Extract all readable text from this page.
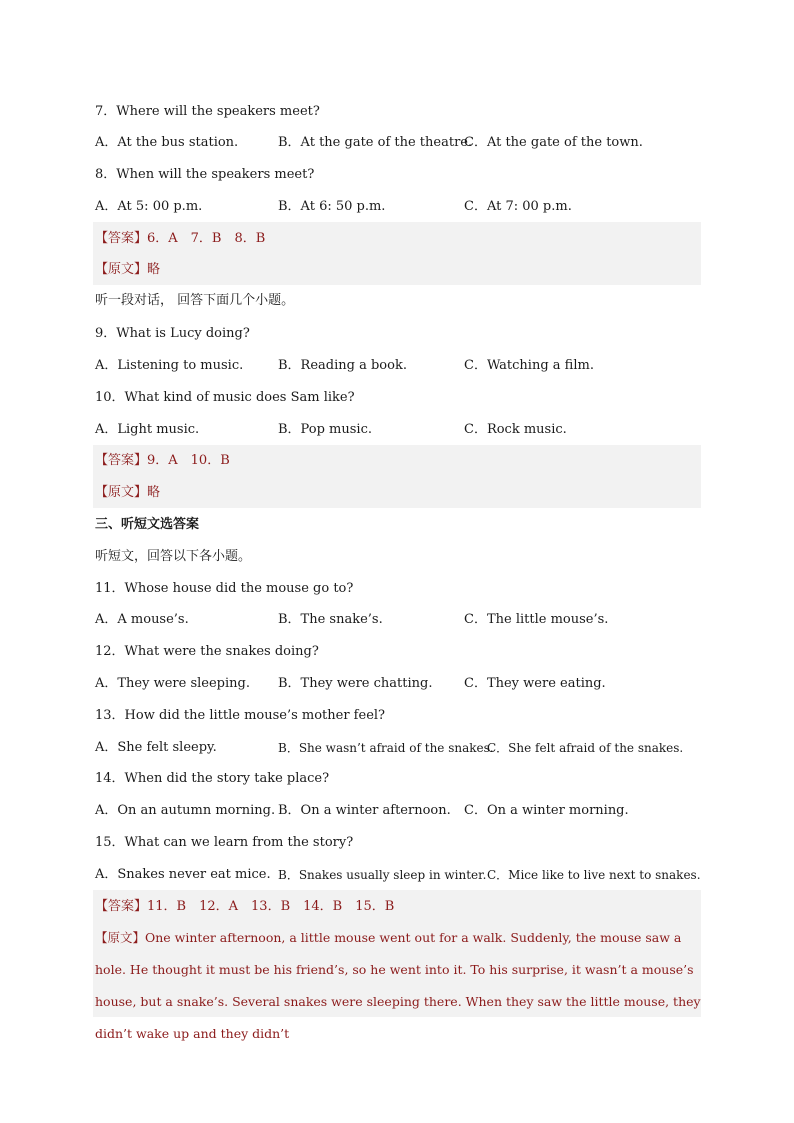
7．Where will the speakers meet?
A．At the bus station.	B．At the gate of the theatre.
C．At the gate of the town.
8．When will the speakers meet?
A．At 5: 00 p.m.	B．At 6: 50 p.m.	C．At 7: 00 p.m.
【答案】6．A　7．B　8．B
【原文】略
听一段对话， 回答下面几个小题。
9．What is Lucy doing?
A．Listening to music.	B．Reading a book.	C．Watching a film.
10．What kind of music does Sam like?
A．Light music.	B．Pop music.	C．Rock music.
【答案】9．A　10．B
【原文】略
三、听短文选答案
听短文，回答以下各小题。
11．Whose house did the mouse go to?
A．A mouse’s.	B．The snake’s.	C．The little mouse’s.
12．What were the snakes doing?
A．They were sleeping. B．They were chatting. C．They were eating.
13．How did the little mouse’s mother feel?
A．She felt sleepy.	B．She wasn’t afraid of the snakes.
C．She felt afraid of the snakes.
14．When did the story take place?
A．On an autumn morning. B．On a winter afternoon. C．On a winter morning.
15．What can we learn from the story?
A．Snakes never eat mice. B．Snakes usually sleep in winter. C．Mice like to live next to snakes.
【答案】11．B　12．A　13．B　14．B　15．B
【原文】One winter afternoon, a little mouse went out for a walk. Suddenly, the mouse saw a hole. He thought it must be his friend’s, so he went into it. To his surprise, it wasn’t a mouse’s house, but a snake’s. Several snakes were sleeping there. When they saw the little mouse, they didn’t wake up and they didn’t
